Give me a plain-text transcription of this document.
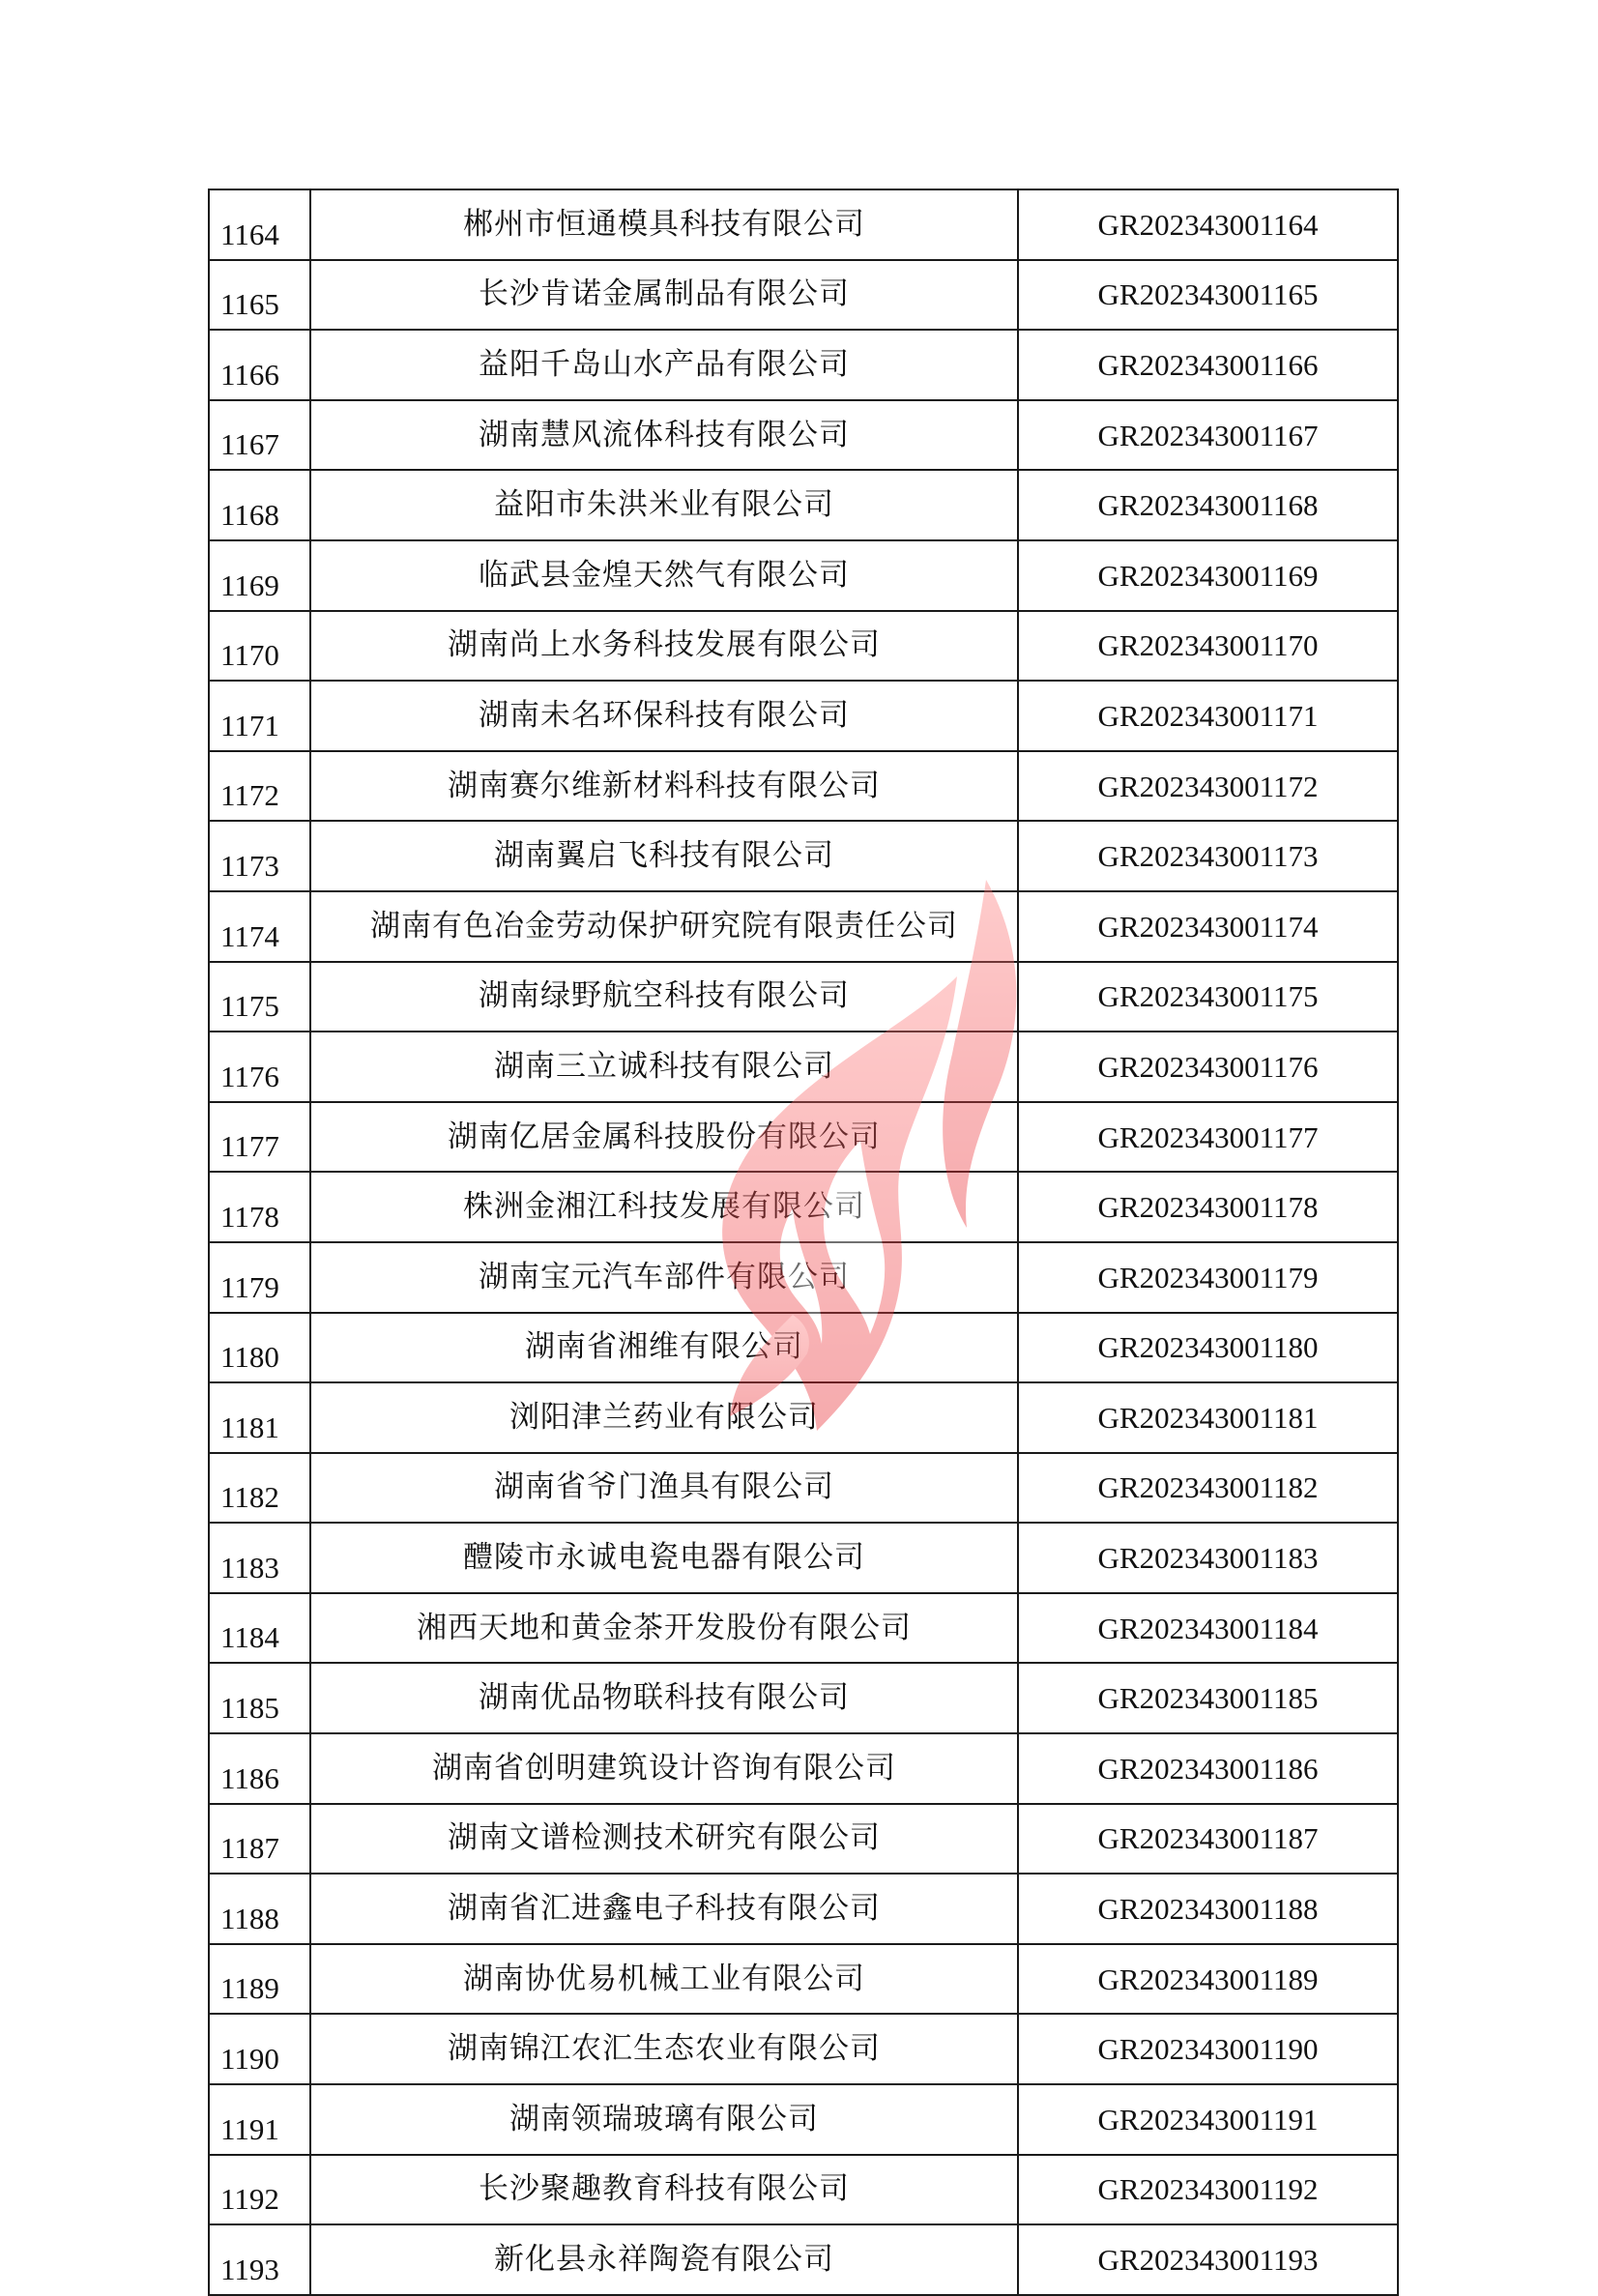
1164	郴州市恒通模具科技有限公司	GR202343001164
1165	长沙肯诺金属制品有限公司	GR202343001165
1166	益阳千岛山水产品有限公司	GR202343001166
1167	湖南慧风流体科技有限公司	GR202343001167
1168	益阳市朱洪米业有限公司	GR202343001168
1169	临武县金煌天然气有限公司	GR202343001169
1170	湖南尚上水务科技发展有限公司	GR202343001170
1171	湖南未名环保科技有限公司	GR202343001171
1172	湖南赛尔维新材料科技有限公司	GR202343001172
1173	湖南翼启飞科技有限公司	GR202343001173
1174	湖南有色冶金劳动保护研究院有限责任公司	GR202343001174
1175	湖南绿野航空科技有限公司	GR202343001175
1176	湖南三立诚科技有限公司	GR202343001176
1177	湖南亿居金属科技股份有限公司	GR202343001177
1178	株洲金湘江科技发展有限公司	GR202343001178
1179	湖南宝元汽车部件有限公司	GR202343001179
1180	湖南省湘维有限公司	GR202343001180
1181	浏阳津兰药业有限公司	GR202343001181
1182	湖南省爷门渔具有限公司	GR202343001182
1183	醴陵市永诚电瓷电器有限公司	GR202343001183
1184	湘西天地和黄金茶开发股份有限公司	GR202343001184
1185	湖南优品物联科技有限公司	GR202343001185
1186	湖南省创明建筑设计咨询有限公司	GR202343001186
1187	湖南文谱检测技术研究有限公司	GR202343001187
1188	湖南省汇进鑫电子科技有限公司	GR202343001188
1189	湖南协优易机械工业有限公司	GR202343001189
1190	湖南锦江农汇生态农业有限公司	GR202343001190
1191	湖南领瑞玻璃有限公司	GR202343001191
1192	长沙聚趣教育科技有限公司	GR202343001192
1193	新化县永祥陶瓷有限公司	GR202343001193
